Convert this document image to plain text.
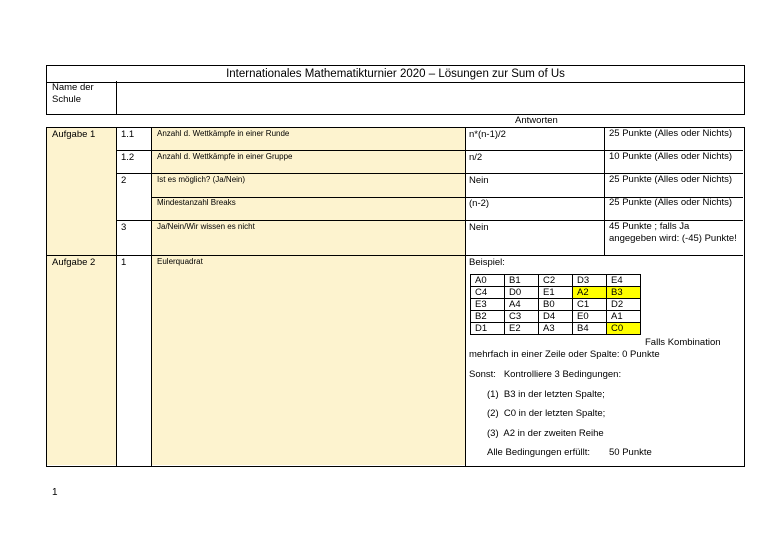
Internationales Mathematikturnier 2020 – Lösungen zur Sum of Us
Name der Schule
Antworten
Aufgabe 1	1.1	Anzahl d. Wettkämpfe in einer Runde	n*(n-1)/2	25 Punkte (Alles oder Nichts)
1.2	Anzahl d. Wettkämpfe in einer Gruppe	n/2	10 Punkte (Alles oder Nichts)
2	Ist es möglich? (Ja/Nein)	Nein	25 Punkte (Alles oder Nichts)
Mindestanzahl Breaks	(n-2)	25 Punkte (Alles oder Nichts)
3	Ja/Nein/Wir wissen es nicht	Nein	45 Punkte ; falls Ja angegeben wird: (-45) Punkte!
Aufgabe 2	1	Eulerquadrat	Beispiel:
A0	B1	C2	D3	E4
C4	D0	E1	A2	B3
E3	A4	B0	C1	D2
B2	C3	D4	E0	A1
D1	E2	A3	B4	C0
Falls Kombination
mehrfach in einer Zeile oder Spalte: 0 Punkte
Sonst:   Kontrolliere 3 Bedingungen:
(1)  B3 in der letzten Spalte;
(2)  C0 in der letzten Spalte;
(3)  A2 in der zweiten Reihe
Alle Bedingungen erfüllt: 50 Punkte
1
